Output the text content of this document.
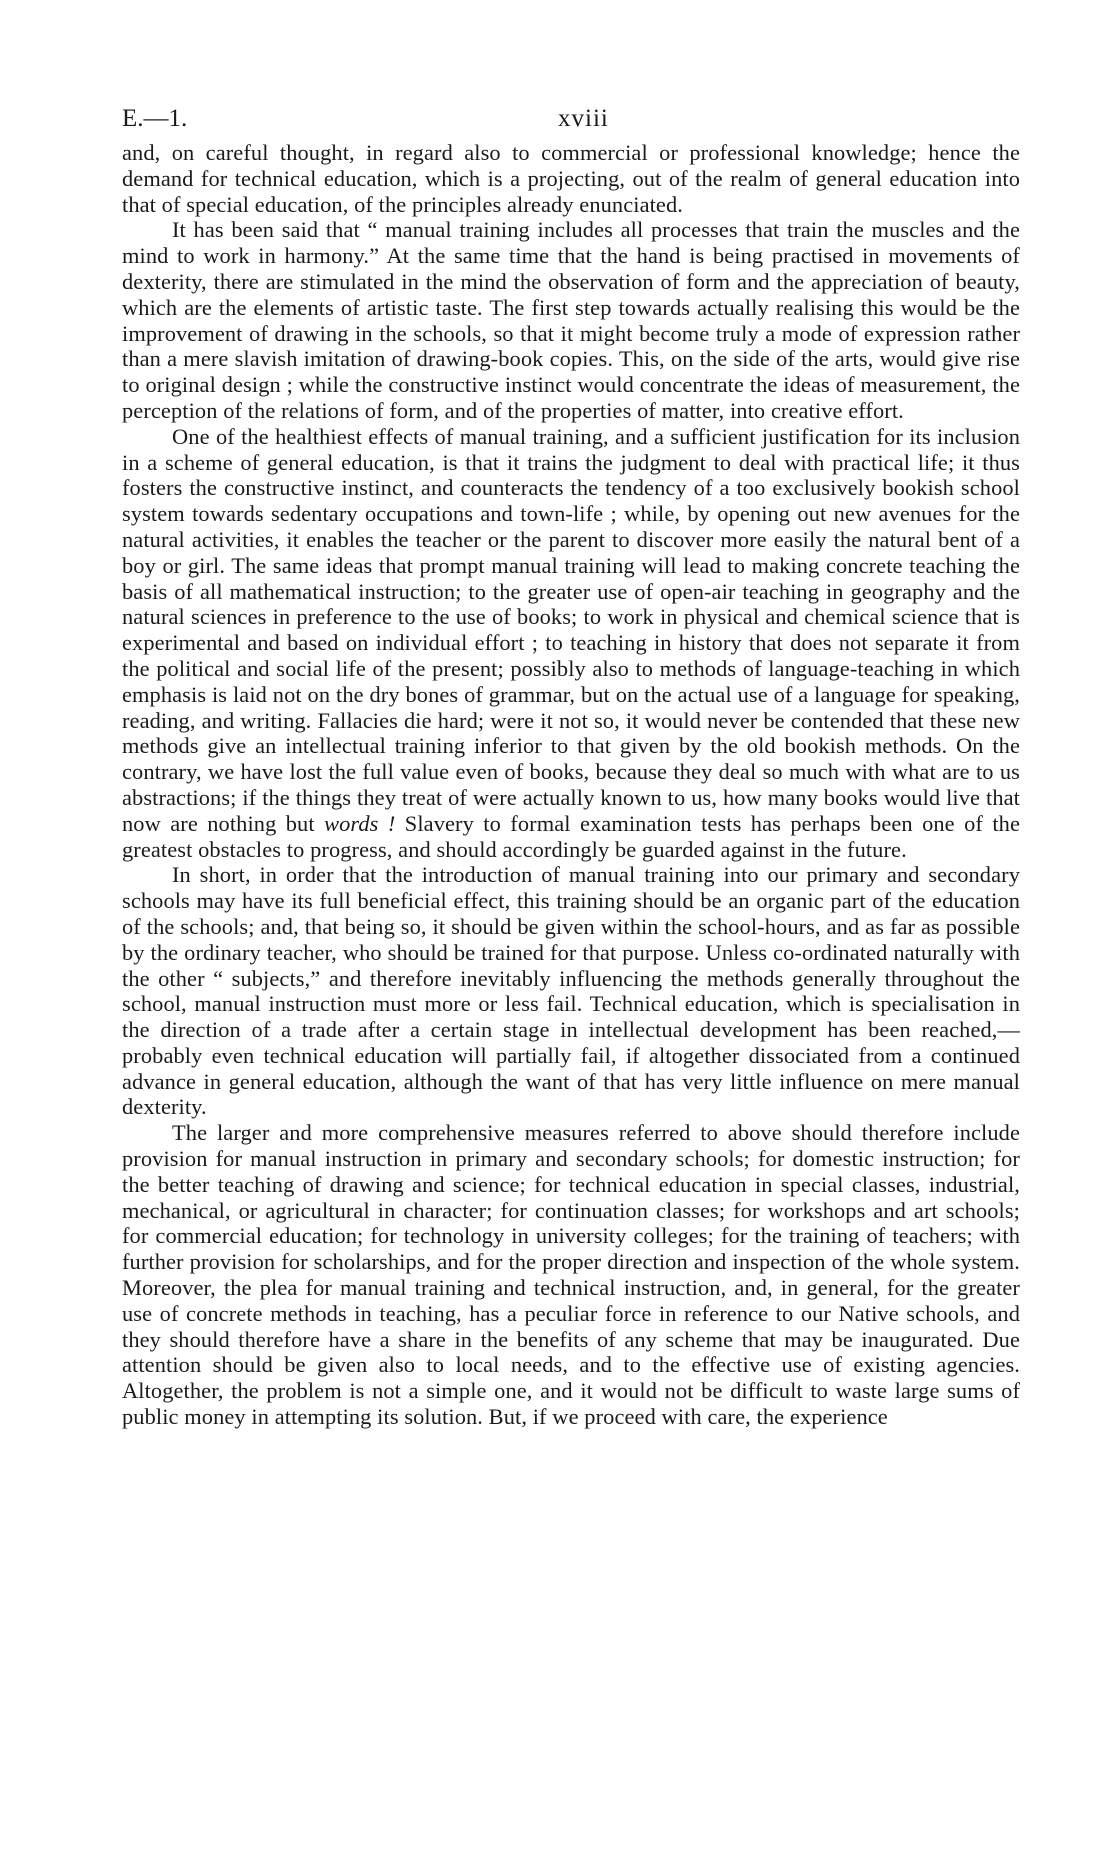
E.—1.	xviii

and, on careful thought, in regard also to commercial or professional knowledge; hence the demand for technical education, which is a projecting, out of the realm of general education into that of special education, of the principles already enunciated.

It has been said that “ manual training includes all processes that train the muscles and the mind to work in harmony.” At the same time that the hand is being practised in movements of dexterity, there are stimulated in the mind the observation of form and the appreciation of beauty, which are the elements of artistic taste. The first step towards actually realising this would be the improvement of drawing in the schools, so that it might become truly a mode of expression rather than a mere slavish imitation of drawing-book copies. This, on the side of the arts, would give rise to original design ; while the constructive instinct would concentrate the ideas of measurement, the perception of the relations of form, and of the properties of matter, into creative effort.

One of the healthiest effects of manual training, and a sufficient justification for its inclusion in a scheme of general education, is that it trains the judgment to deal with practical life; it thus fosters the constructive instinct, and counteracts the tendency of a too exclusively bookish school system towards sedentary occupations and town-life ; while, by opening out new avenues for the natural activities, it enables the teacher or the parent to discover more easily the natural bent of a boy or girl. The same ideas that prompt manual training will lead to making concrete teaching the basis of all mathematical instruction; to the greater use of open-air teaching in geography and the natural sciences in preference to the use of books; to work in physical and chemical science that is experimental and based on individual effort ; to teaching in history that does not separate it from the political and social life of the present; possibly also to methods of language-teaching in which emphasis is laid not on the dry bones of grammar, but on the actual use of a language for speaking, reading, and writing. Fallacies die hard; were it not so, it would never be contended that these new methods give an intellectual training inferior to that given by the old bookish methods. On the contrary, we have lost the full value even of books, because they deal so much with what are to us abstractions; if the things they treat of were actually known to us, how many books would live that now are nothing but words ! Slavery to formal examination tests has perhaps been one of the greatest obstacles to progress, and should accordingly be guarded against in the future.

In short, in order that the introduction of manual training into our primary and secondary schools may have its full beneficial effect, this training should be an organic part of the education of the schools; and, that being so, it should be given within the school-hours, and as far as possible by the ordinary teacher, who should be trained for that purpose. Unless co-ordinated naturally with the other “ subjects,” and therefore inevitably influencing the methods generally throughout the school, manual instruction must more or less fail. Technical education, which is specialisation in the direction of a trade after a certain stage in intellectual development has been reached,—probably even technical education will partially fail, if altogether dissociated from a continued advance in general education, although the want of that has very little influence on mere manual dexterity.

The larger and more comprehensive measures referred to above should therefore include provision for manual instruction in primary and secondary schools; for domestic instruction; for the better teaching of drawing and science; for technical education in special classes, industrial, mechanical, or agricultural in character; for continuation classes; for workshops and art schools; for commercial education; for technology in university colleges; for the training of teachers; with further provision for scholarships, and for the proper direction and inspection of the whole system. Moreover, the plea for manual training and technical instruction, and, in general, for the greater use of concrete methods in teaching, has a peculiar force in reference to our Native schools, and they should therefore have a share in the benefits of any scheme that may be inaugurated. Due attention should be given also to local needs, and to the effective use of existing agencies. Altogether, the problem is not a simple one, and it would not be difficult to waste large sums of public money in attempting its solution. But, if we proceed with care, the experience
